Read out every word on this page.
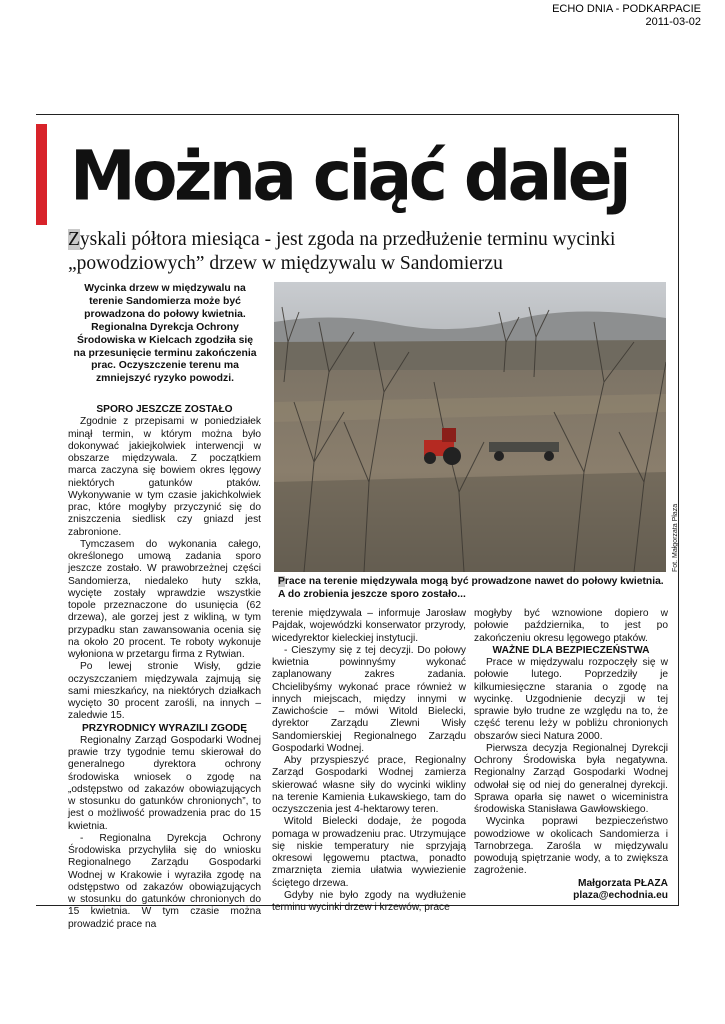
ECHO DNIA - PODKARPACIE
2011-03-02
Można ciąć dalej
Zyskali półtora miesiąca - jest zgoda na przedłużenie terminu wycinki „powodziowych” drzew w międzywalu w Sandomierzu
Wycinka drzew w międzywalu na terenie Sandomierza może być prowadzona do połowy kwietnia. Regionalna Dyrekcja Ochrony Środowiska w Kielcach zgodziła się na przesunięcie terminu zakończenia prac. Oczyszczenie terenu ma zmniejszyć ryzyko powodzi.
SPORO JESZCZE ZOSTAŁO

Zgodnie z przepisami w poniedziałek minął termin, w którym można było dokonywać jakiejkolwiek interwencji w obszarze międzywala. Z początkiem marca zaczyna się bowiem okres lęgowy niektórych gatunków ptaków. Wykonywanie w tym czasie jakichkolwiek prac, które mogłyby przyczynić się do zniszczenia siedlisk czy gniazd jest zabronione.

Tymczasem do wykonania całego, określonego umową zadania sporo jeszcze zostało. W prawobrzeżnej części Sandomierza, niedaleko huty szkła, wycięte zostały wprawdzie wszystkie topole przeznaczone do usunięcia (62 drzewa), ale gorzej jest z wikliną, w tym przypadku stan zawansowania ocenia się na około 20 procent. Te roboty wykonuje wyłoniona w przetargu firma z Rytwian.

Po lewej stronie Wisły, gdzie oczyszczaniem międzywala zajmują się sami mieszkańcy, na niektórych działkach wycięto 30 procent zarośli, na innych – zaledwie 15.

PRZYRODNICY WYRAZILI ZGODĘ

Regionalny Zarząd Gospodarki Wodnej prawie trzy tygodnie temu skierował do generalnego dyrektora ochrony środowiska wniosek o zgodę na „odstępstwo od zakazów obowiązujących w stosunku do gatunków chronionych”, to jest o możliwość prowadzenia prac do 15 kwietnia.

- Regionalna Dyrekcja Ochrony Środowiska przychyliła się do wniosku Regionalnego Zarządu Gospodarki Wodnej w Krakowie i wyraziła zgodę na odstępstwo od zakazów obowiązujących w stosunku do gatunków chronionych do 15 kwietnia. W tym czasie można prowadzić prace na

Fot. Małgorzata Płaza
Prace na terenie międzywala mogą być prowadzone nawet do połowy kwietnia. A do zrobienia jeszcze sporo zostało...

terenie międzywala – informuje Jarosław Pajdak, wojewódzki konserwator przyrody, wicedyrektor kieleckiej instytucji.

- Cieszymy się z tej decyzji. Do połowy kwietnia powinnyśmy wykonać zaplanowany zakres zadania. Chcielibyśmy wykonać prace również w innych miejscach, między innymi w Zawichoście – mówi Witold Bielecki, dyrektor Zarządu Zlewni Wisły Sandomierskiej Regionalnego Zarządu Gospodarki Wodnej.

Aby przyspieszyć prace, Regionalny Zarząd Gospodarki Wodnej zamierza skierować własne siły do wycinki wikliny na terenie Kamienia Łukawskiego, tam do oczyszczenia jest 4-hektarowy teren.

Witold Bielecki dodaje, że pogoda pomaga w prowadzeniu prac. Utrzymujące się niskie temperatury nie sprzyjają okresowi lęgowemu ptactwa, ponadto zmarznięta ziemia ułatwia wywiezienie ściętego drzewa.

Gdyby nie było zgody na wydłużenie terminu wycinki drzew i krzewów, prace

mogłyby być wznowione dopiero w połowie października, to jest po zakończeniu okresu lęgowego ptaków.

WAŻNE DLA BEZPIECZEŃSTWA

Prace w międzywalu rozpoczęły się w połowie lutego. Poprzedziły je kilkumiesięczne starania o zgodę na wycinkę. Uzgodnienie decyzji w tej sprawie było trudne ze względu na to, że część terenu leży w pobliżu chronionych obszarów sieci Natura 2000.

Pierwsza decyzja Regionalnej Dyrekcji Ochrony Środowiska była negatywna. Regionalny Zarząd Gospodarki Wodnej odwołał się od niej do generalnej dyrekcji. Sprawa oparła się nawet o wiceministra środowiska Stanisława Gawłowskiego.

Wycinka poprawi bezpieczeństwo powodziowe w okolicach Sandomierza i Tarnobrzega. Zarośla w międzywalu powodują spiętrzanie wody, a to zwiększa zagrożenie.

Małgorzata PŁAZA

plaza@echodnia.eu
